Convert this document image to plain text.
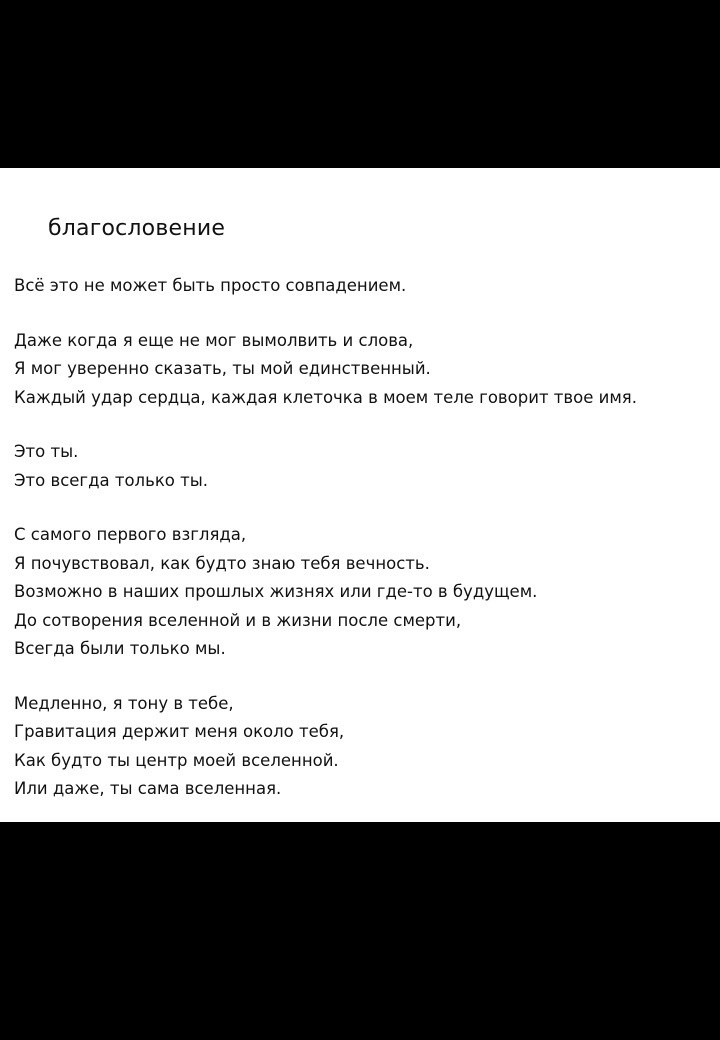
благословение
Всё это не может быть просто совпадением.
Даже когда я еще не мог вымолвить и слова,
Я мог уверенно сказать, ты мой единственный.
Каждый удар сердца, каждая клеточка в моем теле говорит твое имя.
Это ты.
Это всегда только ты.
С самого первого взгляда,
Я почувствовал, как будто знаю тебя вечность.
Возможно в наших прошлых жизнях или где-то в будущем.
До сотворения вселенной и в жизни после смерти,
Всегда были только мы.
Медленно, я тону в тебе,
Гравитация держит меня около тебя,
Как будто ты центр моей вселенной.
Или даже, ты сама вселенная.
